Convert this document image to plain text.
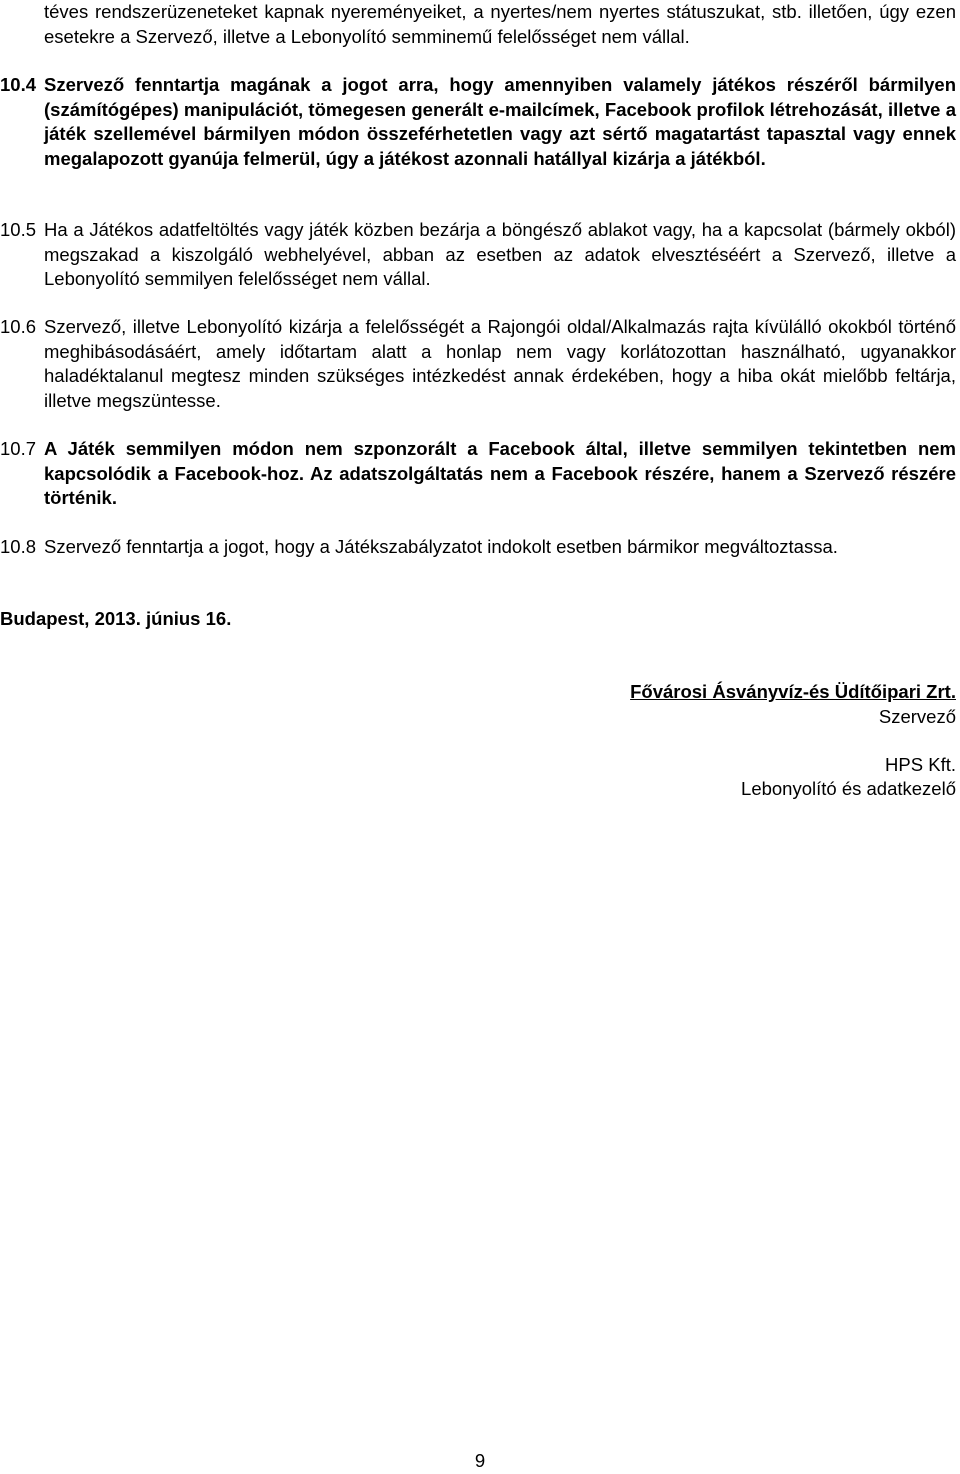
téves rendszerüzeneteket kapnak nyereményeiket, a nyertes/nem nyertes státuszukat, stb. illetően, úgy ezen esetekre a Szervező, illetve a Lebonyolító semminemű felelősséget nem vállal.
10.4 Szervező fenntartja magának a jogot arra, hogy amennyiben valamely játékos részéről bármilyen (számítógépes) manipulációt, tömegesen generált e-mailcímek, Facebook profilok létrehozását, illetve a játék szellemével bármilyen módon összeférhetetlen vagy azt sértő magatartást tapasztal vagy ennek megalapozott gyanúja felmerül, úgy a játékost azonnali hatállyal kizárja a játékból.
10.5 Ha a Játékos adatfeltöltés vagy játék közben bezárja a böngésző ablakot vagy, ha a kapcsolat (bármely okból) megszakad a kiszolgáló webhelyével, abban az esetben az adatok elvesztéséért a Szervező, illetve a Lebonyolító semmilyen felelősséget nem vállal.
10.6 Szervező, illetve Lebonyolító kizárja a felelősségét a Rajongói oldal/Alkalmazás rajta kívülálló okokból történő meghibásodásáért, amely időtartam alatt a honlap nem vagy korlátozottan használható, ugyanakkor haladéktalanul megtesz minden szükséges intézkedést annak érdekében, hogy a hiba okát mielőbb feltárja, illetve megszüntesse.
10.7 A Játék semmilyen módon nem szponzorált a Facebook által, illetve semmilyen tekintetben nem kapcsolódik a Facebook-hoz. Az adatszolgáltatás nem a Facebook részére, hanem a Szervező részére történik.
10.8 Szervező fenntartja a jogot, hogy a Játékszabályzatot indokolt esetben bármikor megváltoztassa.
Budapest, 2013. június 16.
Fővárosi Ásványvíz-és Üdítőipari Zrt.
Szervező
HPS Kft.
Lebonyolító és adatkezelő
9
